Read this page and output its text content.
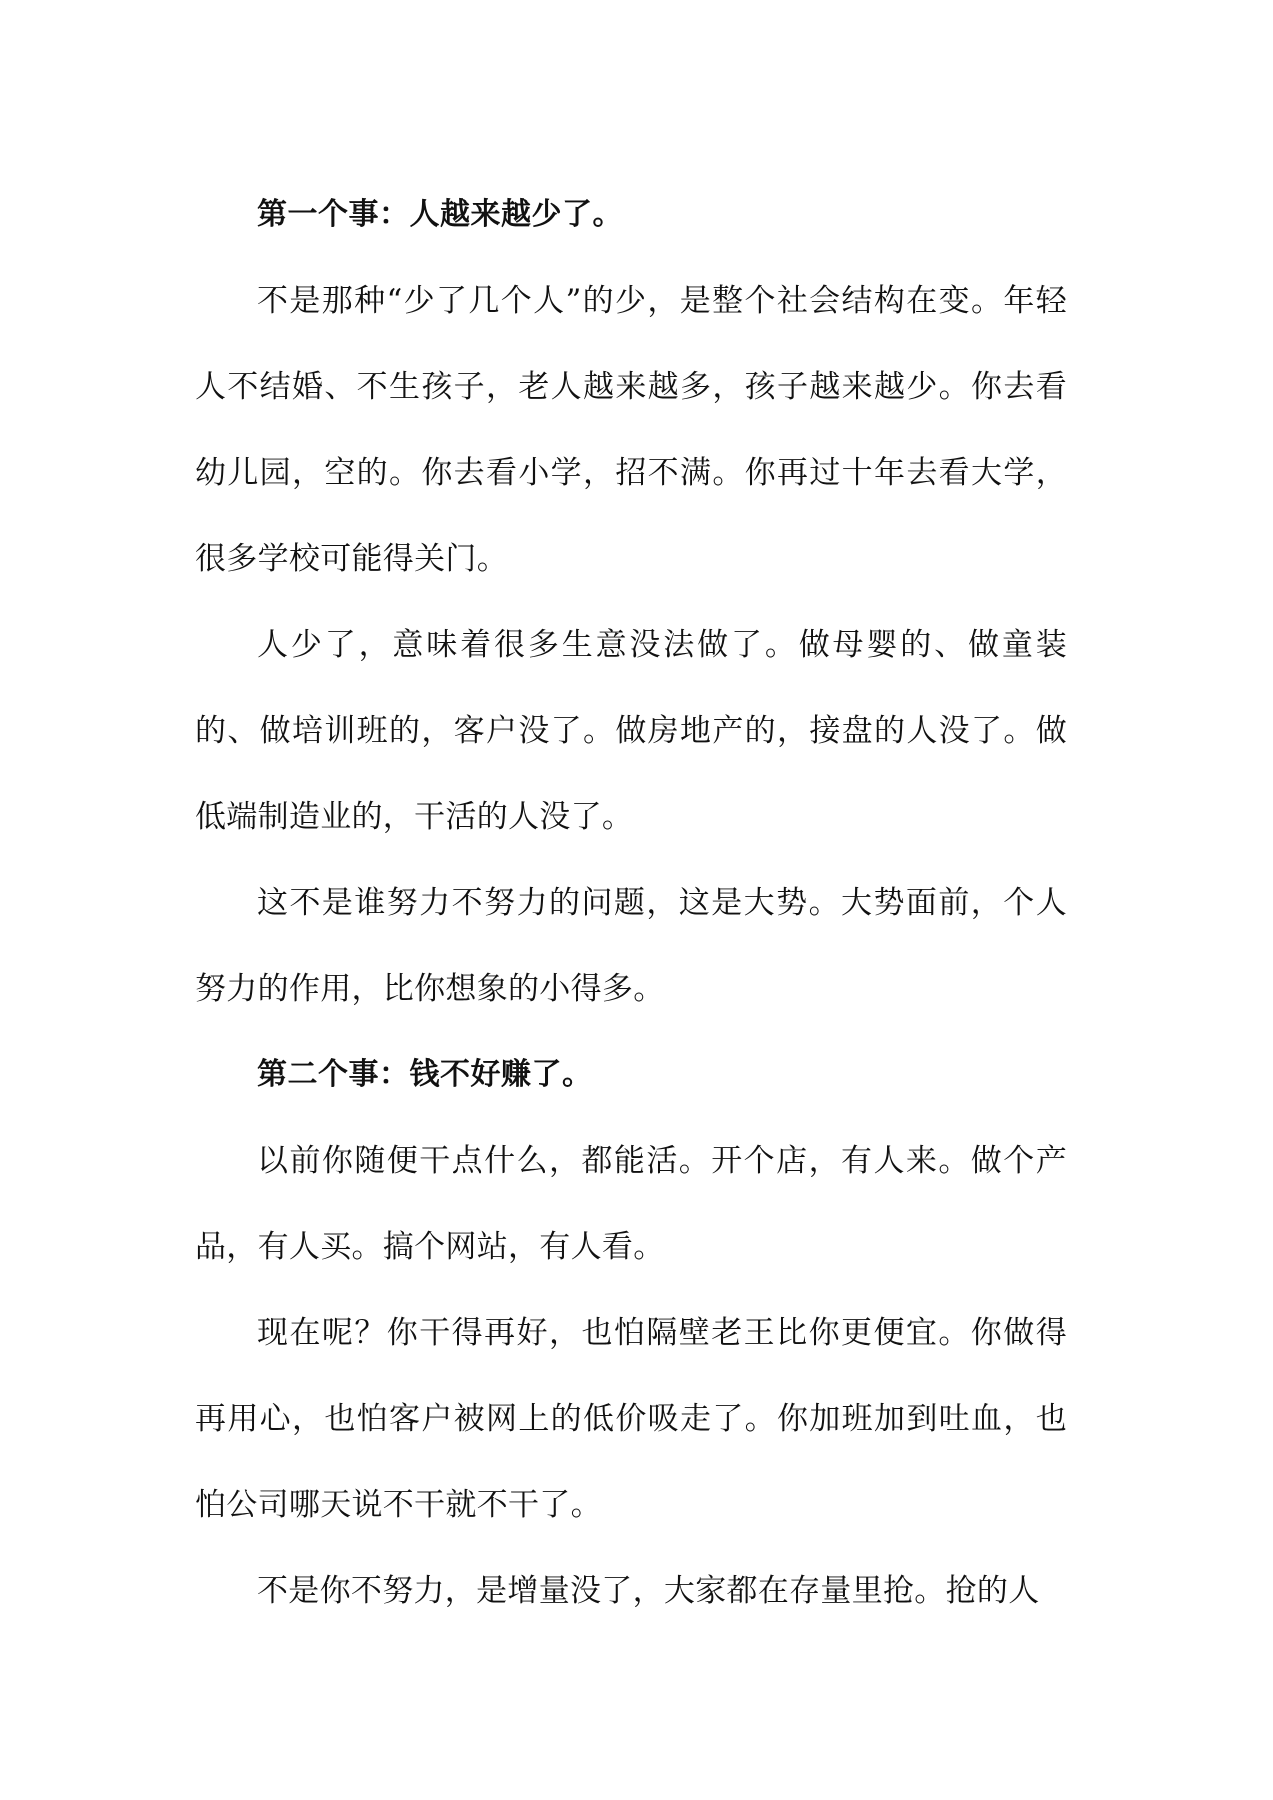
第一个事：人越来越少了。

不是那种“少了几个人”的少，是整个社会结构在变。年轻人不结婚、不生孩子，老人越来越多，孩子越来越少。你去看幼儿园，空的。你去看小学，招不满。你再过十年去看大学，很多学校可能得关门。

人少了，意味着很多生意没法做了。做母婴的、做童装的、做培训班的，客户没了。做房地产的，接盘的人没了。做低端制造业的，干活的人没了。

这不是谁努力不努力的问题，这是大势。大势面前，个人努力的作用，比你想象的小得多。

第二个事：钱不好赚了。

以前你随便干点什么，都能活。开个店，有人来。做个产品，有人买。搞个网站，有人看。

现在呢？你干得再好，也怕隔壁老王比你更便宜。你做得再用心，也怕客户被网上的低价吸走了。你加班加到吐血，也怕公司哪天说不干就不干了。

不是你不努力，是增量没了，大家都在存量里抢。抢的人
